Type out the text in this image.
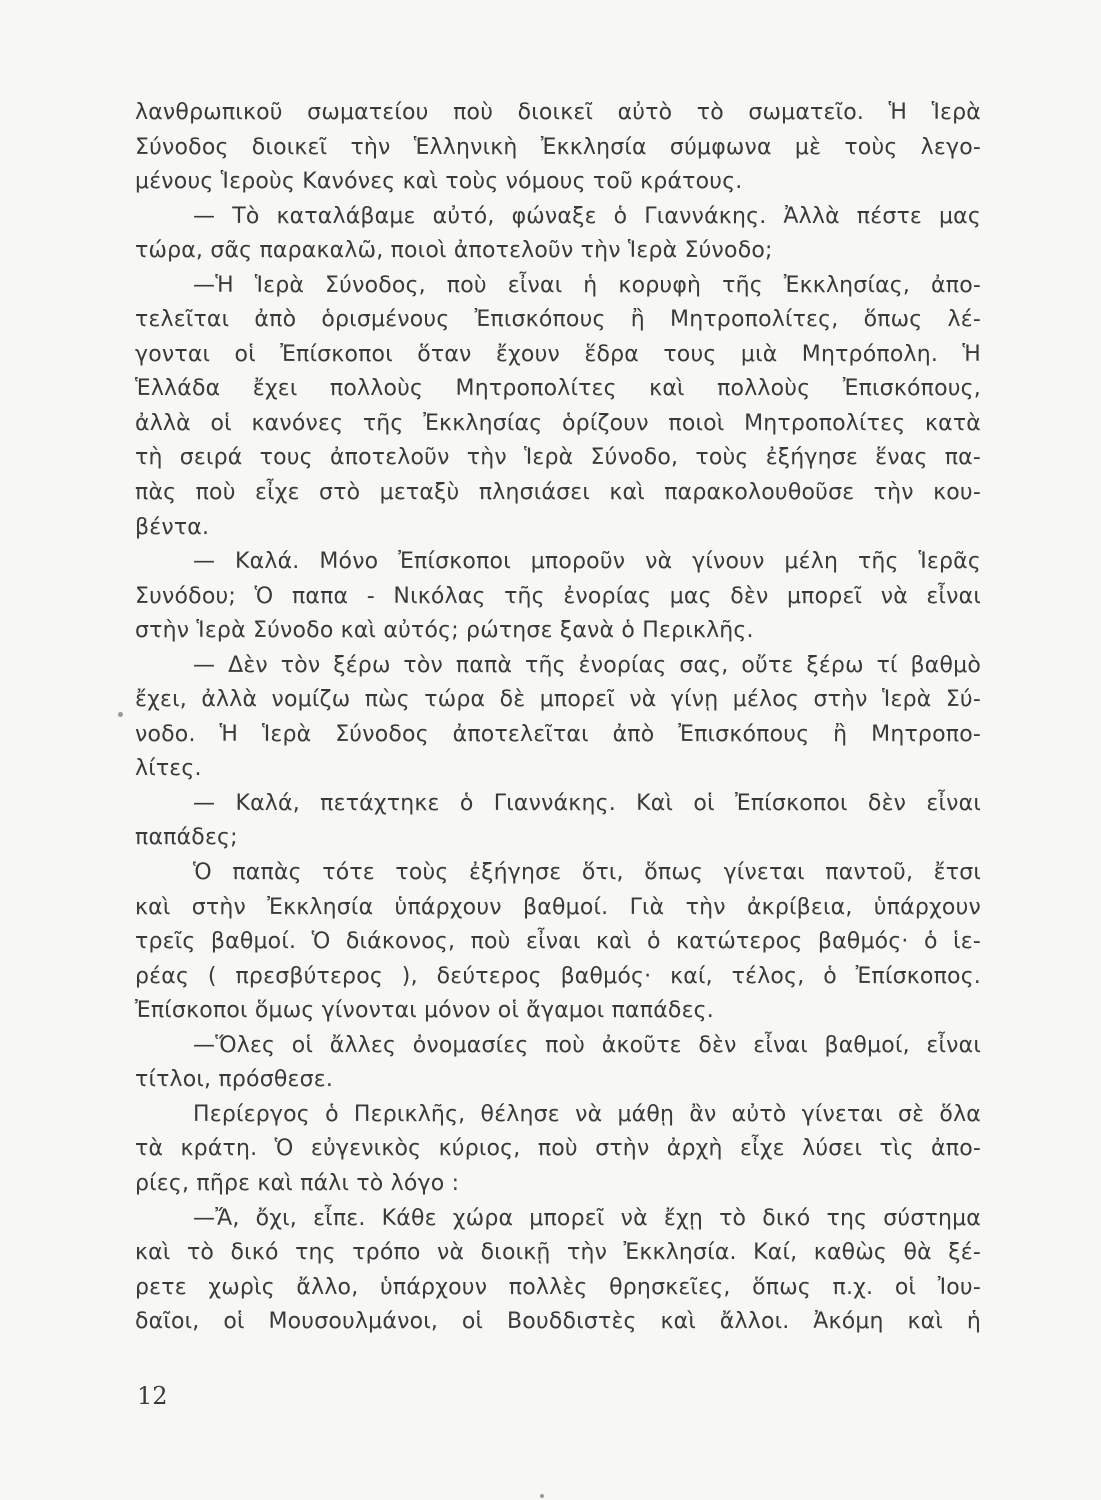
λανθρωπικοῦ σωματείου ποὺ διοικεῖ αὐτὸ τὸ σωματεῖο. Ἡ Ἱερὰ
Σύνοδος διοικεῖ τὴν Ἑλληνικὴ Ἐκκλησία σύμφωνα μὲ τοὺς λεγο-
μένους Ἱεροὺς Κανόνες καὶ τοὺς νόμους τοῦ κράτους.
— Τὸ καταλάβαμε αὐτό, φώναξε ὁ Γιαννάκης. Ἀλλὰ πέστε μας
τώρα, σᾶς παρακαλῶ, ποιοὶ ἀποτελοῦν τὴν Ἱερὰ Σύνοδο;
—Ἡ Ἱερὰ Σύνοδος, ποὺ εἶναι ἡ κορυφὴ τῆς Ἐκκλησίας, ἀπο-
τελεῖται ἀπὸ ὁρισμένους Ἐπισκόπους ἢ Μητροπολίτες, ὅπως λέ-
γονται οἱ Ἐπίσκοποι ὅταν ἔχουν ἕδρα τους μιὰ Μητρόπολη. Ἡ
Ἑλλάδα ἔχει πολλοὺς Μητροπολίτες καὶ πολλοὺς Ἐπισκόπους,
ἀλλὰ οἱ κανόνες τῆς Ἐκκλησίας ὁρίζουν ποιοὶ Μητροπολίτες κατὰ
τὴ σειρά τους ἀποτελοῦν τὴν Ἱερὰ Σύνοδο, τοὺς ἐξήγησε ἕνας πα-
πὰς ποὺ εἶχε στὸ μεταξὺ πλησιάσει καὶ παρακολουθοῦσε τὴν κου-
βέντα.
— Καλά. Μόνο Ἐπίσκοποι μποροῦν νὰ γίνουν μέλη τῆς Ἱερᾶς
Συνόδου; Ὁ παπα - Νικόλας τῆς ἐνορίας μας δὲν μπορεῖ νὰ εἶναι
στὴν Ἱερὰ Σύνοδο καὶ αὐτός; ρώτησε ξανὰ ὁ Περικλῆς.
— Δὲν τὸν ξέρω τὸν παπὰ τῆς ἐνορίας σας, οὔτε ξέρω τί βαθμὸ
ἔχει, ἀλλὰ νομίζω πὼς τώρα δὲ μπορεῖ νὰ γίνῃ μέλος στὴν Ἱερὰ Σύ-
νοδο. Ἡ Ἱερὰ Σύνοδος ἀποτελεῖται ἀπὸ Ἐπισκόπους ἢ Μητροπο-
λίτες.
— Καλά, πετάχτηκε ὁ Γιαννάκης. Καὶ οἱ Ἐπίσκοποι δὲν εἶναι
παπάδες;
Ὁ παπὰς τότε τοὺς ἐξήγησε ὅτι, ὅπως γίνεται παντοῦ, ἔτσι
καὶ στὴν Ἐκκλησία ὑπάρχουν βαθμοί. Γιὰ τὴν ἀκρίβεια, ὑπάρχουν
τρεῖς βαθμοί. Ὁ διάκονος, ποὺ εἶναι καὶ ὁ κατώτερος βαθμός· ὁ ἱε-
ρέας ( πρεσβύτερος ), δεύτερος βαθμός· καί, τέλος, ὁ Ἐπίσκοπος.
Ἐπίσκοποι ὅμως γίνονται μόνον οἱ ἄγαμοι παπάδες.
—Ὅλες οἱ ἄλλες ὀνομασίες ποὺ ἀκοῦτε δὲν εἶναι βαθμοί, εἶναι
τίτλοι, πρόσθεσε.
Περίεργος ὁ Περικλῆς, θέλησε νὰ μάθῃ ἂν αὐτὸ γίνεται σὲ ὅλα
τὰ κράτη. Ὁ εὐγενικὸς κύριος, ποὺ στὴν ἀρχὴ εἶχε λύσει τὶς ἀπο-
ρίες, πῆρε καὶ πάλι τὸ λόγο :
—Ἄ, ὄχι, εἶπε. Κάθε χώρα μπορεῖ νὰ ἔχῃ τὸ δικό της σύστημα
καὶ τὸ δικό της τρόπο νὰ διοικῇ τὴν Ἐκκλησία. Καί, καθὼς θὰ ξέ-
ρετε χωρὶς ἄλλο, ὑπάρχουν πολλὲς θρησκεῖες, ὅπως π.χ. οἱ Ἰου-
δαῖοι, οἱ Μουσουλμάνοι, οἱ Βουδδιστὲς καὶ ἄλλοι. Ἀκόμη καὶ ἡ
12
